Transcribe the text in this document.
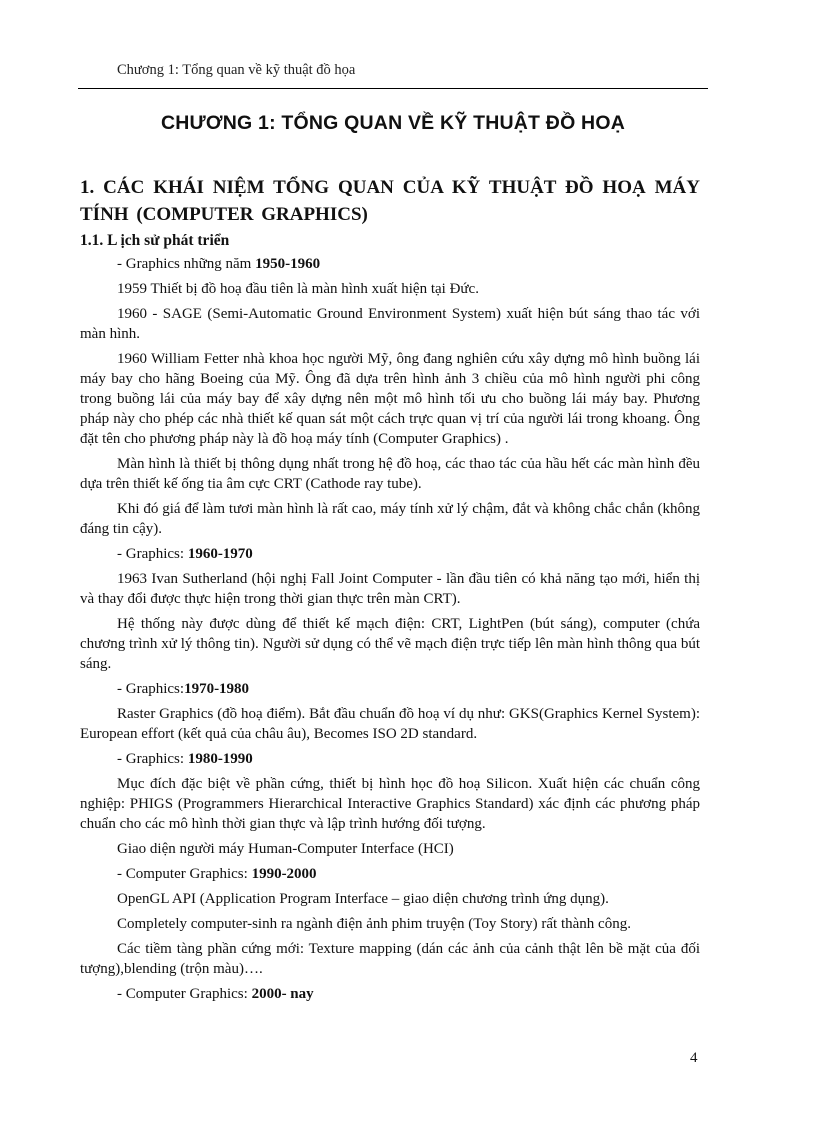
Chương 1: Tổng quan về kỹ thuật đồ họa
CHƯƠNG 1: TỔNG QUAN VỀ KỸ THUẬT ĐỒ HOẠ
1. CÁC KHÁI NIỆM TỔNG QUAN CỦA KỸ THUẬT ĐỒ HOẠ MÁY TÍNH (COMPUTER GRAPHICS)
1.1. L ịch sử phát triển
- Graphics những năm 1950-1960
1959 Thiết bị đồ hoạ đầu tiên là màn hình xuất hiện tại Đức.
1960 - SAGE (Semi-Automatic Ground Environment System) xuất hiện bút sáng thao tác với màn hình.
1960 William Fetter nhà khoa học người Mỹ, ông đang nghiên cứu xây dựng mô hình buồng lái máy bay cho hãng Boeing của Mỹ. Ông đã dựa trên hình ảnh 3 chiều của mô hình người phi công trong buồng lái của máy bay để xây dựng nên một mô hình tối ưu cho buồng lái máy bay. Phương pháp này cho phép các nhà thiết kế quan sát một cách trực quan vị trí của người lái trong khoang. Ông đặt tên cho phương pháp này là đồ hoạ máy tính (Computer Graphics) .
Màn hình là thiết bị thông dụng nhất trong hệ đồ hoạ, các thao tác của hầu hết các màn hình đều dựa trên thiết kế ống tia âm cực CRT (Cathode ray tube).
Khi đó giá để làm tươi màn hình là rất cao, máy tính xử lý chậm, đắt và không chắc chắn (không đáng tin cậy).
- Graphics: 1960-1970
1963 Ivan Sutherland (hội nghị Fall Joint Computer - lần đầu tiên có khả năng tạo mới, hiển thị và thay đổi được thực hiện trong thời gian thực trên màn CRT).
Hệ thống này được dùng để thiết kế mạch điện: CRT, LightPen (bút sáng), computer (chứa chương trình xử lý thông tin). Người sử dụng có thể vẽ mạch điện trực tiếp lên màn hình thông qua bút sáng.
- Graphics:1970-1980
Raster Graphics (đồ hoạ điểm). Bắt đầu chuẩn đồ hoạ ví dụ như: GKS(Graphics Kernel System): European effort (kết quả của châu âu), Becomes ISO 2D standard.
- Graphics: 1980-1990
Mục đích đặc biệt về phần cứng, thiết bị hình học đồ hoạ Silicon. Xuất hiện các chuẩn công nghiệp: PHIGS (Programmers Hierarchical Interactive Graphics Standard) xác định các phương pháp chuẩn cho các mô hình thời gian thực và lập trình hướng đối tượng.
Giao diện người máy Human-Computer Interface (HCI)
- Computer Graphics: 1990-2000
OpenGL API (Application Program Interface – giao diện chương trình ứng dụng).
Completely computer-sinh ra ngành điện ảnh phim truyện (Toy Story) rất thành công.
Các tiềm tàng phần cứng mới: Texture mapping (dán các ảnh của cảnh thật lên bề mặt của đối tượng),blending (trộn màu)….
- Computer Graphics: 2000- nay
4
